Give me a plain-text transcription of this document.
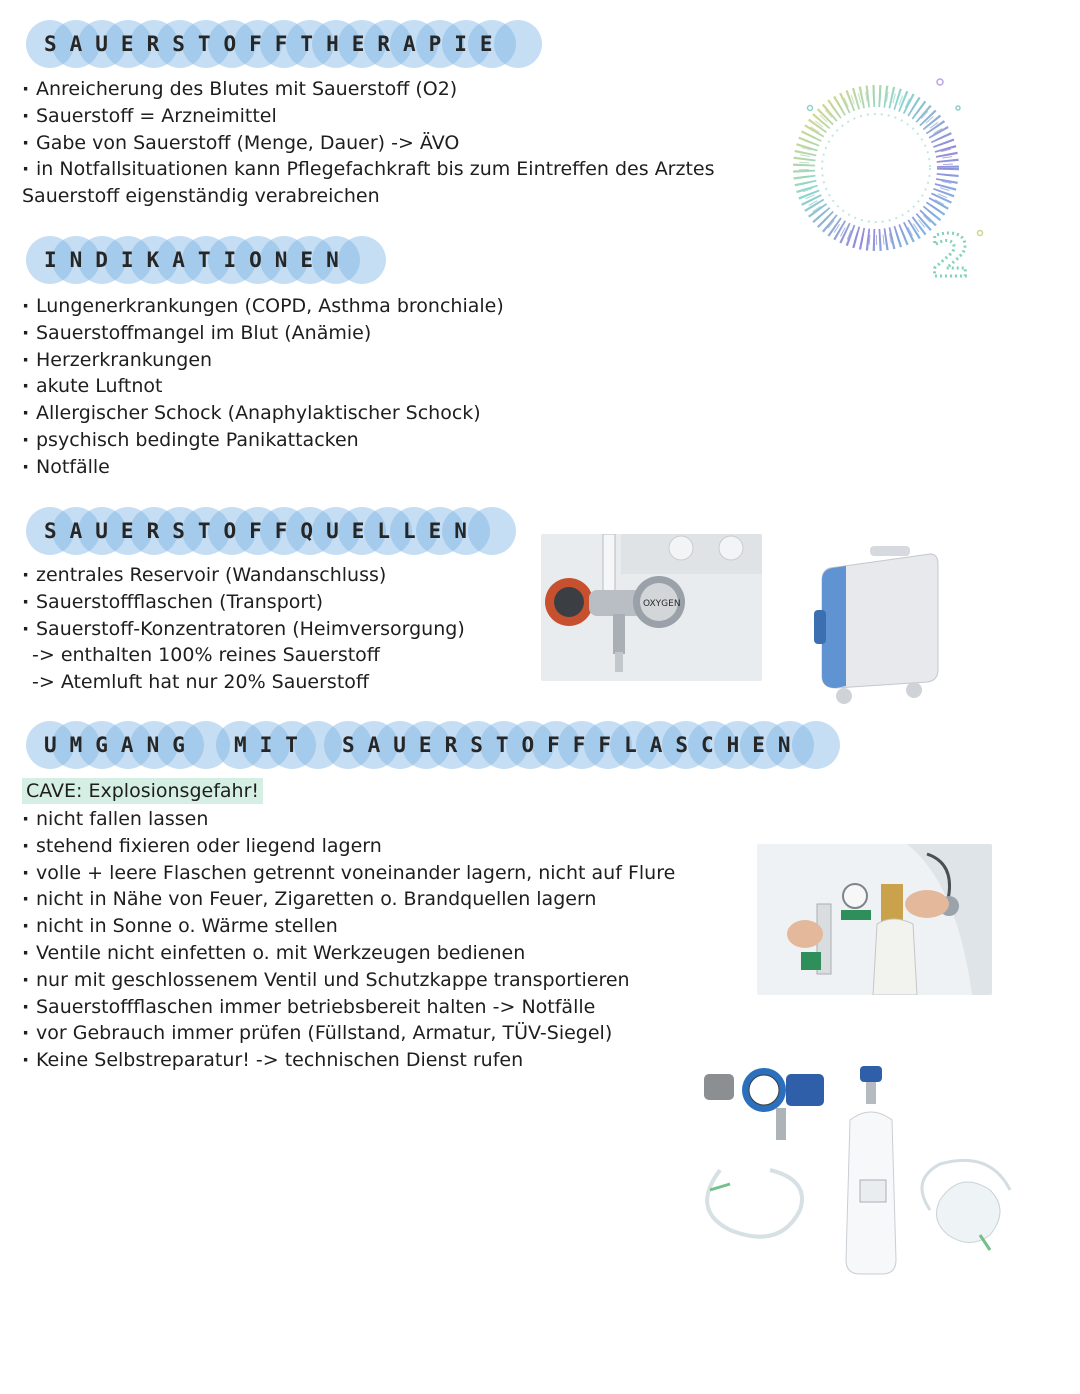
SAUERSTOFFTHERAPIE
· Anreicherung des Blutes mit Sauerstoff (O2)
· Sauerstoff = Arzneimittel
· Gabe von Sauerstoff (Menge, Dauer) -> ÄVO
· in Notfallsituationen kann Pflegefachkraft bis zum Eintreffen des Arztes
Sauerstoff eigenständig verabreichen
2
INDIKATIONEN
· Lungenerkrankungen (COPD, Asthma bronchiale)
· Sauerstoffmangel im Blut (Anämie)
· Herzerkrankungen
· akute Luftnot
· Allergischer Schock (Anaphylaktischer Schock)
· psychisch bedingte Panikattacken
· Notfälle
SAUERSTOFFQUELLEN
· zentrales Reservoir (Wandanschluss)
· Sauerstoffflaschen (Transport)
· Sauerstoff-Konzentratoren (Heimversorgung)
-> enthalten 100% reines Sauerstoff
-> Atemluft hat nur 20% Sauerstoff
OXYGEN
UMGANG	MIT	SAUERSTOFFFLASCHEN
CAVE: Explosionsgefahr!
· nicht fallen lassen
· stehend fixieren oder liegend lagern
· volle + leere Flaschen getrennt voneinander lagern, nicht auf Flure
· nicht in Nähe von Feuer, Zigaretten o. Brandquellen lagern
· nicht in Sonne o. Wärme stellen
· Ventile nicht einfetten o. mit Werkzeugen bedienen
· nur mit geschlossenem Ventil und Schutzkappe transportieren
· Sauerstoffflaschen immer betriebsbereit halten -> Notfälle
· vor Gebrauch immer prüfen (Füllstand, Armatur, TÜV-Siegel)
· Keine Selbstreparatur! -> technischen Dienst rufen
